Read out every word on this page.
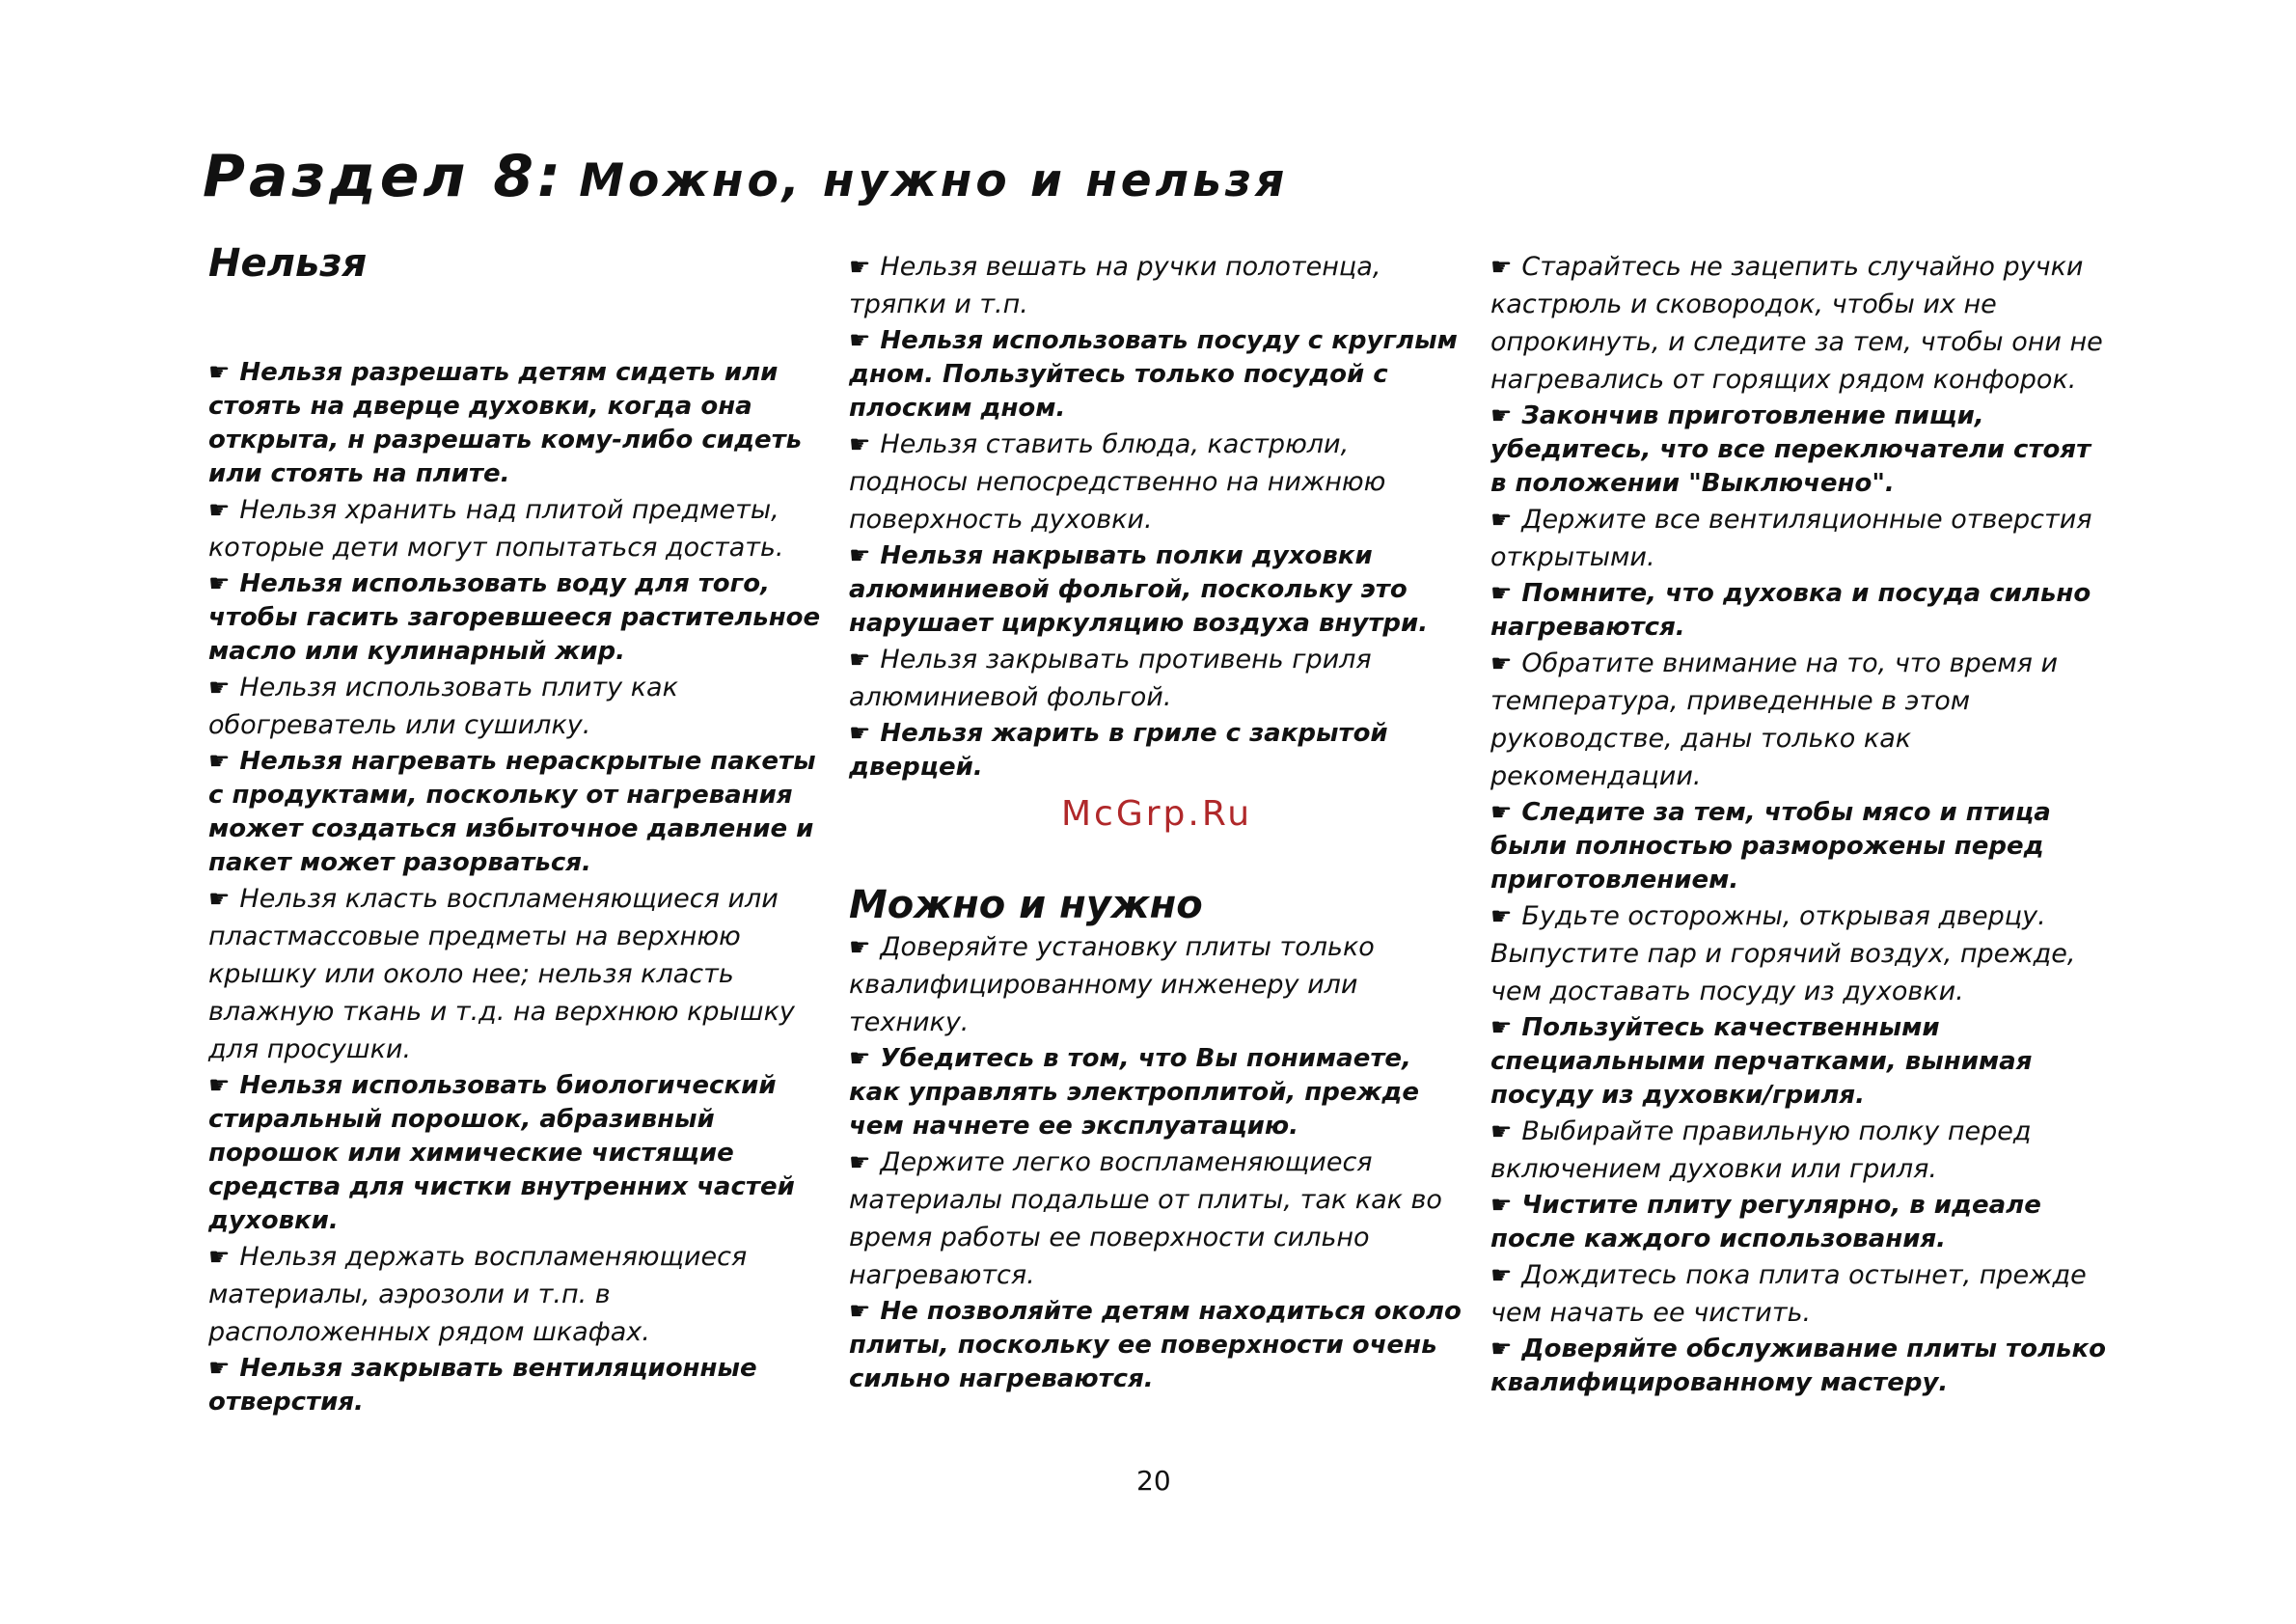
Раздел 8: Можно, нужно и нельзя
Нельзя
☛ Нельзя разрешать детям сидеть или стоять на дверце духовки, когда она открыта, н разрешать кому-либо сидеть или стоять на плите.
☛ Нельзя хранить над плитой предметы, которые дети могут попытаться достать.
☛ Нельзя использовать воду для того, чтобы гасить загоревшееся растительное масло или кулинарный жир.
☛ Нельзя использовать плиту как обогреватель или сушилку.
☛ Нельзя нагревать нераскрытые пакеты с продуктами, поскольку от нагревания может создаться избыточное давление и пакет может разорваться.
☛ Нельзя класть воспламеняющиеся или пластмассовые предметы на верхнюю крышку или около нее; нельзя класть влажную ткань и т.д. на верхнюю крышку для просушки.
☛ Нельзя использовать биологический стиральный порошок, абразивный порошок или химические чистящие средства для чистки внутренних частей духовки.
☛ Нельзя держать воспламеняющиеся материалы, аэрозоли и т.п. в расположенных рядом шкафах.
☛ Нельзя закрывать вентиляционные отверстия.
☛ Нельзя вешать на ручки полотенца, тряпки и т.п.
☛ Нельзя использовать посуду с круглым дном. Пользуйтесь только посудой с плоским дном.
☛ Нельзя ставить блюда, кастрюли, подносы непосредственно на нижнюю поверхность духовки.
☛ Нельзя накрывать полки духовки алюминиевой фольгой, поскольку это нарушает циркуляцию воздуха внутри.
☛ Нельзя закрывать противень гриля алюминиевой фольгой.
☛ Нельзя жарить в гриле с закрытой дверцей.
Можно и нужно
☛ Доверяйте установку плиты только квалифицированному инженеру или технику.
☛ Убедитесь в том, что Вы понимаете, как управлять электроплитой, прежде чем начнете ее эксплуатацию.
☛ Держите легко воспламеняющиеся материалы подальше от плиты, так как во время работы ее поверхности сильно нагреваются.
☛ Не позволяйте детям находиться около плиты, поскольку ее поверхности очень сильно нагреваются.
☛ Старайтесь не зацепить случайно ручки кастрюль и сковородок, чтобы их не опрокинуть, и следите за тем, чтобы они не нагревались от горящих рядом конфорок.
☛ Закончив приготовление пищи, убедитесь, что все переключатели стоят в положении "Выключено".
☛ Держите все вентиляционные отверстия открытыми.
☛ Помните, что духовка и посуда сильно нагреваются.
☛ Обратите внимание на то, что время и температура, приведенные в этом руководстве, даны только как рекомендации.
☛ Следите за тем, чтобы мясо и птица были полностью разморожены перед приготовлением.
☛ Будьте осторожны, открывая дверцу. Выпустите пар и горячий воздух, прежде, чем доставать посуду из духовки.
☛ Пользуйтесь качественными специальными перчатками, вынимая посуду из духовки/гриля.
☛ Выбирайте правильную полку перед включением духовки или гриля.
☛ Чистите плиту регулярно, в идеале после каждого использования.
☛ Дождитесь пока плита остынет, прежде чем начать ее чистить.
☛ Доверяйте обслуживание плиты только квалифицированному мастеру.
McGrp.Ru
20
